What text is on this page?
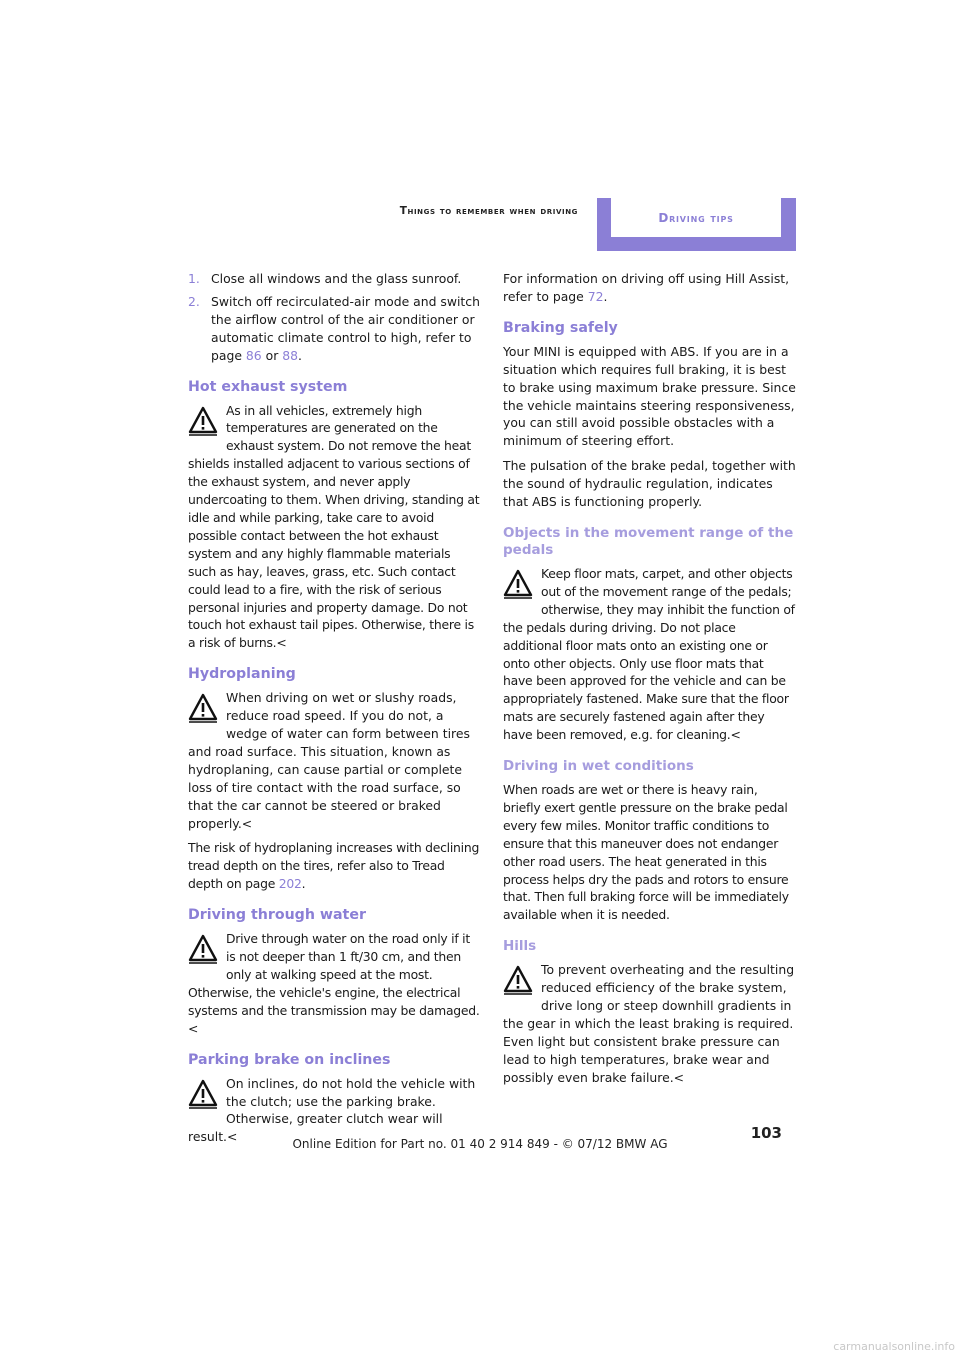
Things to remember when driving	Driving tips
1. Close all windows and the glass sunroof.
2. Switch off recirculated-air mode and switch the airflow control of the air conditioner or automatic climate control to high, refer to page 86 or 88.
Hot exhaust system
As in all vehicles, extremely high temperatures are generated on the exhaust system. Do not remove the heat shields installed adjacent to various sections of the exhaust system, and never apply undercoating to them. When driving, standing at idle and while parking, take care to avoid possible contact between the hot exhaust system and any highly flammable materials such as hay, leaves, grass, etc. Such contact could lead to a fire, with the risk of serious personal injuries and property damage. Do not touch hot exhaust tail pipes. Otherwise, there is a risk of burns.<
Hydroplaning
When driving on wet or slushy roads, reduce road speed. If you do not, a wedge of water can form between tires and road surface. This situation, known as hydroplaning, can cause partial or complete loss of tire contact with the road surface, so that the car cannot be steered or braked properly.<

The risk of hydroplaning increases with declining tread depth on the tires, refer also to Tread depth on page 202.

Driving through water
Drive through water on the road only if it is not deeper than 1 ft/30 cm, and then only at walking speed at the most. Otherwise, the vehicle's engine, the electrical systems and the transmission may be damaged.<
Parking brake on inclines
On inclines, do not hold the vehicle with the clutch; use the parking brake. Otherwise, greater clutch wear will result.<

For information on driving off using Hill Assist, refer to page 72.

Braking safely

Your MINI is equipped with ABS. If you are in a situation which requires full braking, it is best to brake using maximum brake pressure. Since the vehicle maintains steering responsiveness, you can still avoid possible obstacles with a minimum of steering effort.

The pulsation of the brake pedal, together with the sound of hydraulic regulation, indicates that ABS is functioning properly.

Objects in the movement range of the pedals
Keep floor mats, carpet, and other objects out of the movement range of the pedals; otherwise, they may inhibit the function of the pedals during driving. Do not place additional floor mats onto an existing one or onto other objects. Only use floor mats that have been approved for the vehicle and can be appropriately fastened. Make sure that the floor mats are securely fastened again after they have been removed, e.g. for cleaning.<
Driving in wet conditions

When roads are wet or there is heavy rain, briefly exert gentle pressure on the brake pedal every few miles. Monitor traffic conditions to ensure that this maneuver does not endanger other road users. The heat generated in this process helps dry the pads and rotors to ensure that. Then full braking force will be immediately available when it is needed.

Hills
To prevent overheating and the resulting reduced efficiency of the brake system, drive long or steep downhill gradients in the gear in which the least braking is required. Even light but consistent brake pressure can lead to high temperatures, brake wear and possibly even brake failure.<
103
Online Edition for Part no. 01 40 2 914 849 - © 07/12 BMW AG
carmanualsonline.info
